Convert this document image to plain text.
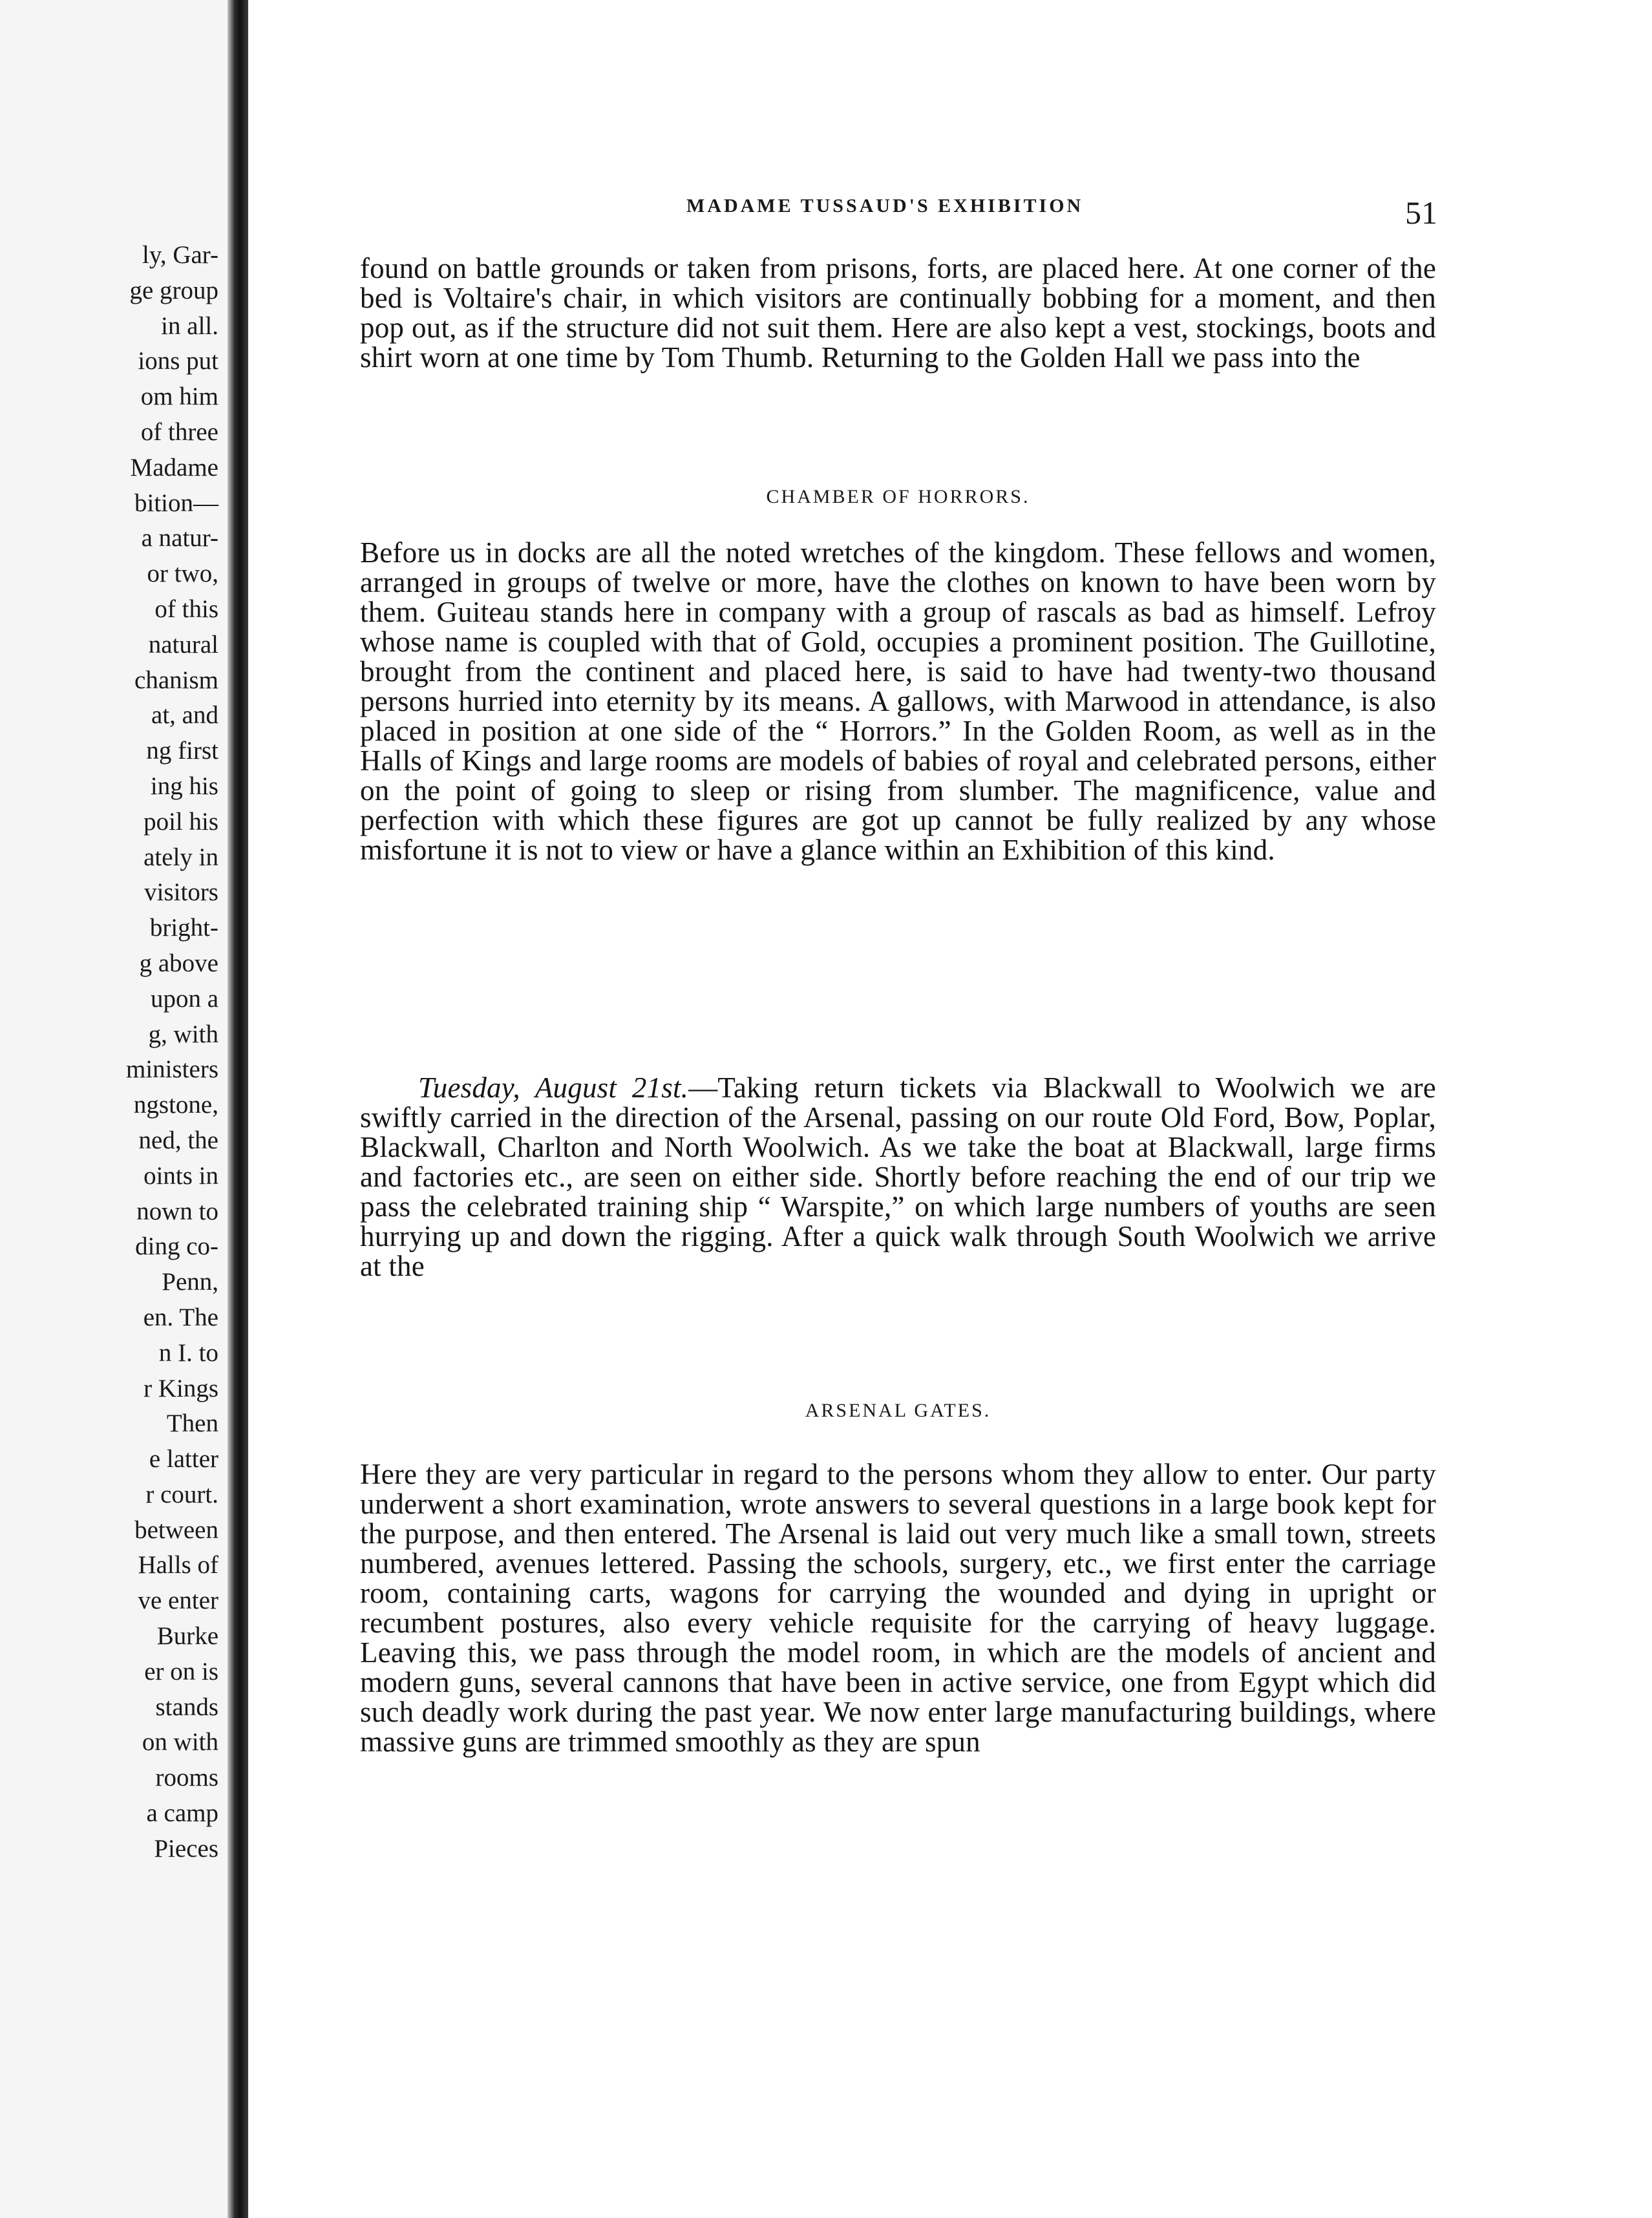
ly, Gar-
ge group
in all.
ions put
om him
of three
Madame
bition—
a natur-
or two,
of this
natural
chanism
at, and
ng first
ing his
poil his
ately in
visitors
bright-
g above
upon a
g, with
ministers
ngstone,
ned, the
oints in
nown to
ding co-
Penn,
en. The
n I. to
r Kings
Then
e latter
r court.
between
Halls of
ve enter
Burke
er on is
stands
on with
rooms
a camp
Pieces
MADAME TUSSAUD'S EXHIBITION	51
found on battle grounds or taken from prisons, forts, are placed here. At one corner of the bed is Voltaire's chair, in which visitors are continually bobbing for a moment, and then pop out, as if the structure did not suit them. Here are also kept a vest, stockings, boots and shirt worn at one time by Tom Thumb. Returning to the Golden Hall we pass into the
CHAMBER OF HORRORS.
Before us in docks are all the noted wretches of the kingdom. These fellows and women, arranged in groups of twelve or more, have the clothes on known to have been worn by them. Guiteau stands here in company with a group of rascals as bad as himself. Lefroy whose name is coupled with that of Gold, occupies a prominent position. The Guillotine, brought from the continent and placed here, is said to have had twenty-two thousand persons hurried into eternity by its means. A gallows, with Marwood in attendance, is also placed in position at one side of the “ Horrors.” In the Golden Room, as well as in the Halls of Kings and large rooms are models of babies of royal and celebrated persons, either on the point of going to sleep or rising from slumber. The magnificence, value and perfection with which these figures are got up cannot be fully realized by any whose misfortune it is not to view or have a glance within an Exhibition of this kind.
Tuesday, August 21st.—Taking return tickets via Blackwall to Woolwich we are swiftly carried in the direction of the Arsenal, passing on our route Old Ford, Bow, Poplar, Blackwall, Charlton and North Woolwich. As we take the boat at Blackwall, large firms and factories etc., are seen on either side. Shortly before reaching the end of our trip we pass the celebrated training ship “ Warspite,” on which large numbers of youths are seen hurrying up and down the rigging. After a quick walk through South Woolwich we arrive at the
ARSENAL GATES.
Here they are very particular in regard to the persons whom they allow to enter. Our party underwent a short examination, wrote answers to several questions in a large book kept for the purpose, and then entered. The Arsenal is laid out very much like a small town, streets numbered, avenues lettered. Passing the schools, surgery, etc., we first enter the carriage room, containing carts, wagons for carrying the wounded and dying in upright or recumbent postures, also every vehicle requisite for the carrying of heavy luggage. Leaving this, we pass through the model room, in which are the models of ancient and modern guns, several cannons that have been in active service, one from Egypt which did such deadly work during the past year. We now enter large manufacturing buildings, where massive guns are trimmed smoothly as they are spun
